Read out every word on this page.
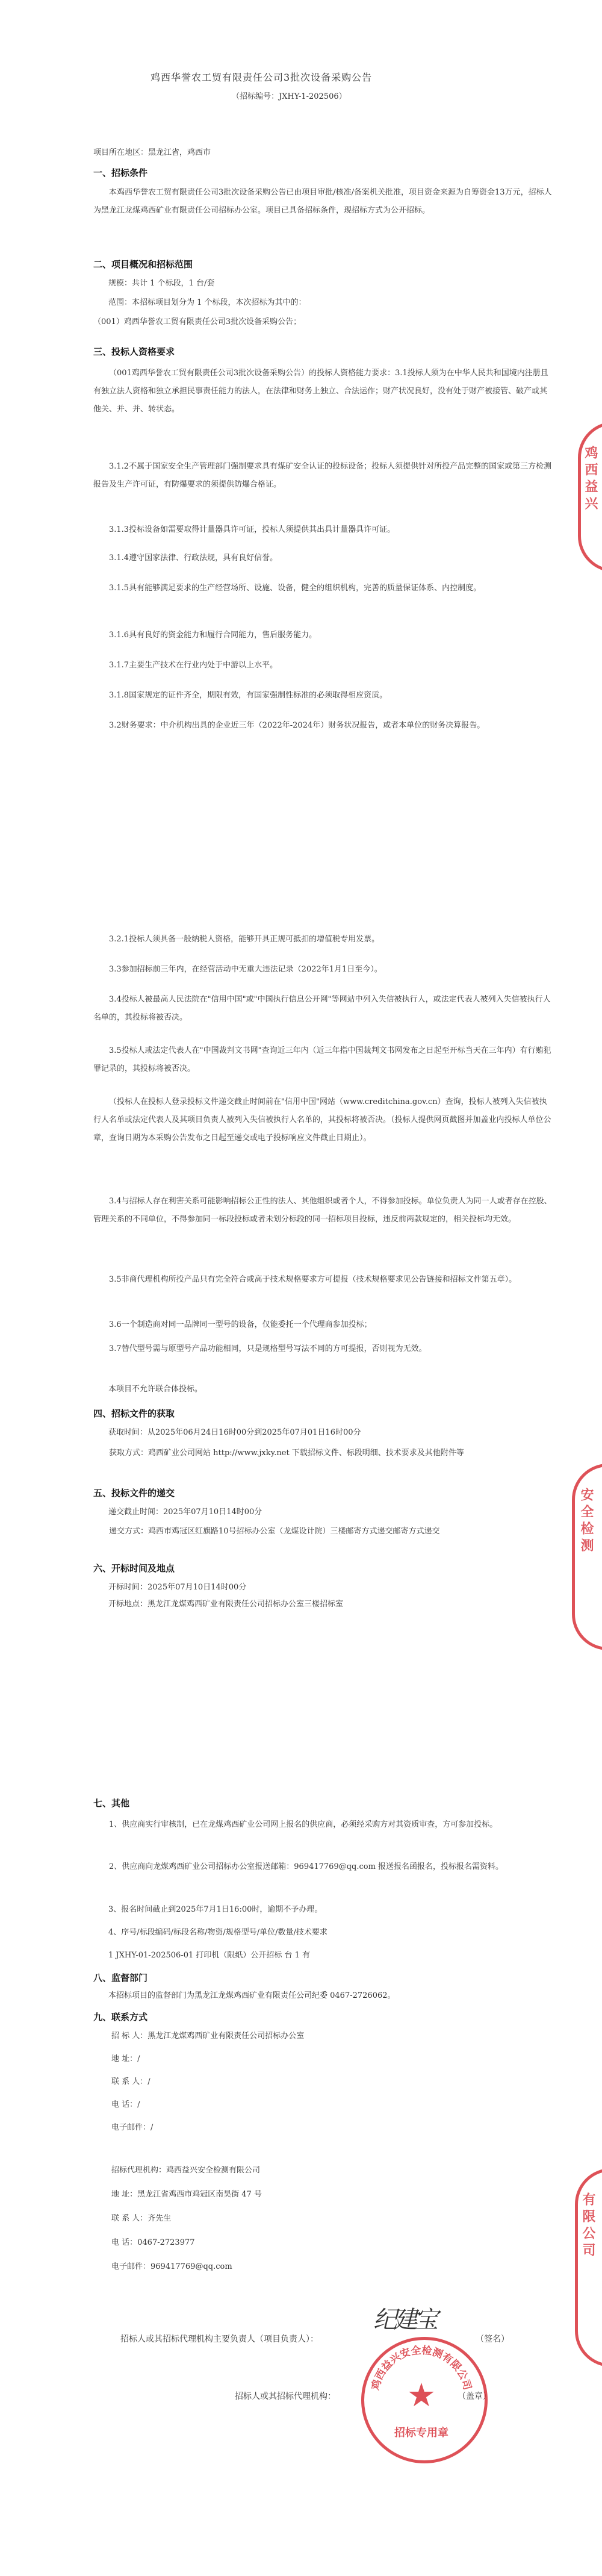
鸡西华誉农工贸有限责任公司3批次设备采购公告
（招标编号：JXHY-1-202506）
项目所在地区：黑龙江省，鸡西市
一、招标条件
本鸡西华誉农工贸有限责任公司3批次设备采购公告已由项目审批/核准/备案机关批准，项目资金来源为自筹资金13万元，招标人为黑龙江龙煤鸡西矿业有限责任公司招标办公室。项目已具备招标条件，现招标方式为公开招标。
二、项目概况和招标范围
规模：共计 1 个标段，1 台/套
范围：本招标项目划分为 1 个标段，本次招标为其中的：
（001）鸡西华誉农工贸有限责任公司3批次设备采购公告；
三、投标人资格要求
（001鸡西华誉农工贸有限责任公司3批次设备采购公告）的投标人资格能力要求：3.1投标人须为在中华人民共和国境内注册且有独立法人资格和独立承担民事责任能力的法人，在法律和财务上独立、合法运作；财产状况良好，没有处于财产被接管、破产或其他关、并、并、转状态。
3.1.2不属于国家安全生产管理部门强制要求具有煤矿安全认证的投标设备；投标人须提供针对所投产品完整的国家或第三方检测报告及生产许可证，有防爆要求的须提供防爆合格证。
3.1.3投标设备如需要取得计量器具许可证，投标人须提供其出具计量器具许可证。
3.1.4遵守国家法律、行政法规，具有良好信誉。
3.1.5具有能够满足要求的生产经营场所、设施、设备，健全的组织机构，完善的质量保证体系、内控制度。
3.1.6具有良好的资金能力和履行合同能力，售后服务能力。
3.1.7主要生产技术在行业内处于中游以上水平。
3.1.8国家规定的证件齐全，期限有效，有国家强制性标准的必须取得相应资质。
3.2财务要求：中介机构出具的企业近三年（2022年-2024年）财务状况报告，或者本单位的财务决算报告。
3.2.1投标人须具备一般纳税人资格，能够开具正规可抵扣的增值税专用发票。
3.3参加招标前三年内，在经营活动中无重大违法记录（2022年1月1日至今）。
3.4投标人被最高人民法院在"信用中国"或"中国执行信息公开网"等网站中列入失信被执行人，或法定代表人被列入失信被执行人名单的，其投标将被否决。
3.5投标人或法定代表人在"中国裁判文书网"查询近三年内（近三年指中国裁判文书网发布之日起至开标当天在三年内）有行贿犯罪记录的，其投标将被否决。
（投标人在投标人登录投标文件递交截止时间前在"信用中国"网站（www.creditchina.gov.cn）查询，投标人被列入失信被执行人名单或法定代表人及其项目负责人被列入失信被执行人名单的，其投标将被否决。（投标人提供网页截图并加盖业内投标人单位公章，查询日期为本采购公告发布之日起至递交或电子投标响应文件截止日期止）。
3.4与招标人存在利害关系可能影响招标公正性的法人、其他组织或者个人，不得参加投标。单位负责人为同一人或者存在控股、管理关系的不同单位，不得参加同一标段投标或者未划分标段的同一招标项目投标，违反前两款规定的，相关投标均无效。
3.5非商代理机构所投产品只有完全符合或高于技术规格要求方可提报（技术规格要求见公告链接和招标文件第五章）。
3.6一个制造商对同一品牌同一型号的设备，仅能委托一个代理商参加投标；
3.7替代型号需与原型号产品功能相同，只是规格型号写法不同的方可提报，否则视为无效。
本项目不允许联合体投标。
四、招标文件的获取
获取时间：从2025年06月24日16时00分到2025年07月01日16时00分
获取方式：鸡西矿业公司网站 http://www.jxky.net 下载招标文件、标段明细、技术要求及其他附件等
五、投标文件的递交
递交截止时间：2025年07月10日14时00分
递交方式：鸡西市鸡冠区红旗路10号招标办公室（龙煤设计院）三楼邮寄方式递交邮寄方式递交
六、开标时间及地点
开标时间：2025年07月10日14时00分
开标地点：黑龙江龙煤鸡西矿业有限责任公司招标办公室三楼招标室
七、其他
1、供应商实行审核制，已在龙煤鸡西矿业公司网上报名的供应商，必须经采购方对其资质审查，方可参加投标。
2、供应商向龙煤鸡西矿业公司招标办公室报送邮箱：969417769@qq.com 报送报名函报名，投标报名需资料。
3、报名时间截止到2025年7月1日16:00时，逾期不予办理。
4、序号/标段编码/标段名称/物资/规格型号/单位/数量/技术要求
1 JXHY-01-202506-01 打印机（限纸）公开招标 台 1 有
八、监督部门
本招标项目的监督部门为黑龙江龙煤鸡西矿业有限责任公司纪委 0467-2726062。
九、联系方式
招 标 人：黑龙江龙煤鸡西矿业有限责任公司招标办公室
地 址：/
联 系 人：/
电 话：/
电子邮件：/
招标代理机构：鸡西益兴安全检测有限公司
地 址：黑龙江省鸡西市鸡冠区南昊街 47 号
联 系 人：齐先生
电 话：0467-2723977
电子邮件：969417769@qq.com
招标人或其招标代理机构主要负责人（项目负责人）：	（签名）
纪建宝
招标人或其招标代理机构：	（盖章）
鸡西益兴安全检测有限公司
★
招标专用章
鸡西益兴
安全检测
有限公司
